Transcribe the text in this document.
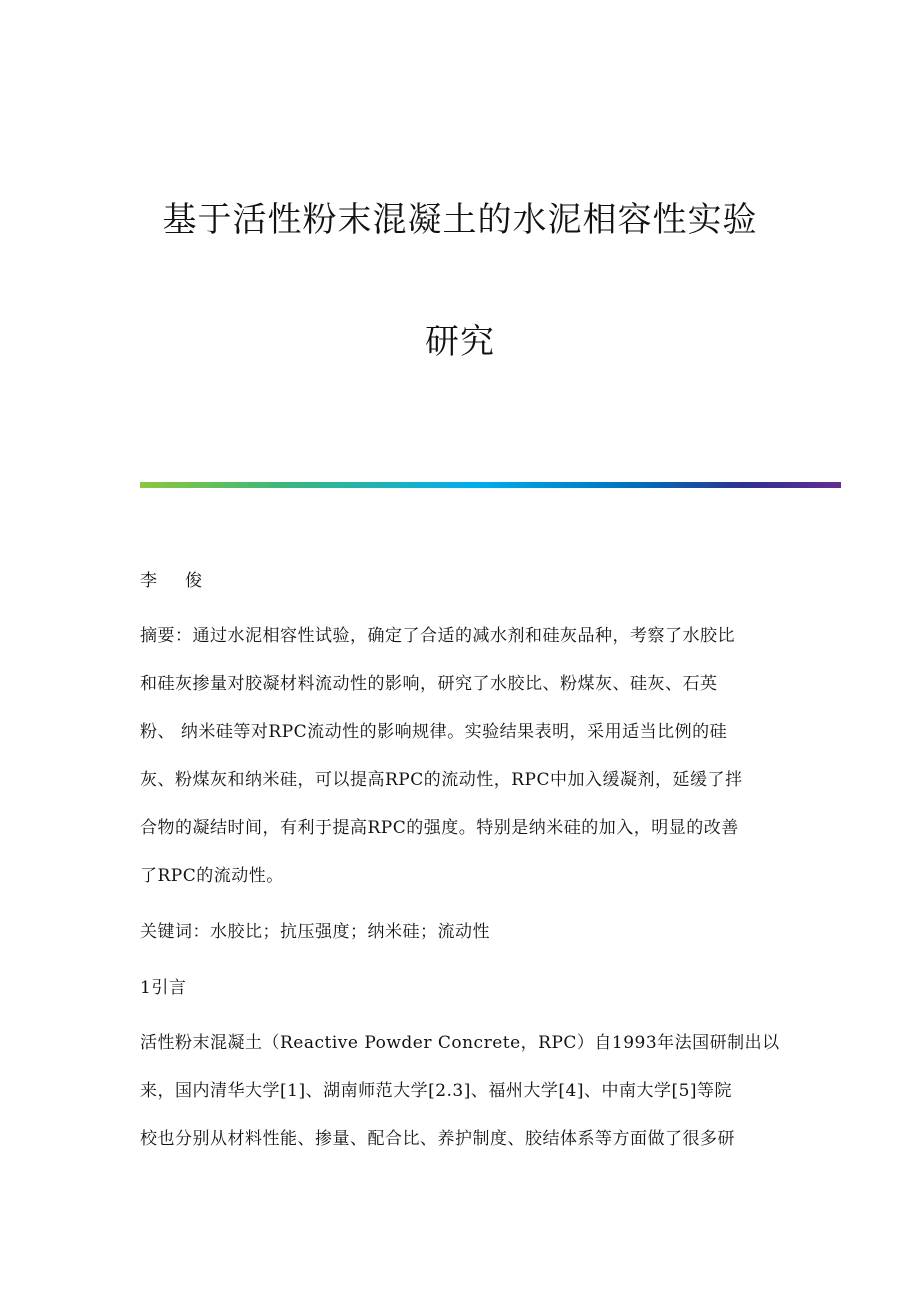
基于活性粉末混凝土的水泥相容性实验
研究
李 俊
摘要：通过水泥相容性试验，确定了合适的减水剂和硅灰品种，考察了水胶比
和硅灰掺量对胶凝材料流动性的影响，研究了水胶比、粉煤灰、硅灰、石英
粉、 纳米硅等对RPC流动性的影响规律。实验结果表明，采用适当比例的硅
灰、粉煤灰和纳米硅，可以提高RPC的流动性，RPC中加入缓凝剂，延缓了拌
合物的凝结时间，有利于提高RPC的强度。特别是纳米硅的加入，明显的改善
了RPC的流动性。
关键词：水胶比；抗压强度；纳米硅；流动性
1引言
活性粉末混凝土（Reactive Powder Concrete，RPC）自1993年法国研制出以
来，国内清华大学[1]、湖南师范大学[2.3]、福州大学[4]、中南大学[5]等院
校也分别从材料性能、掺量、配合比、养护制度、胶结体系等方面做了很多研
